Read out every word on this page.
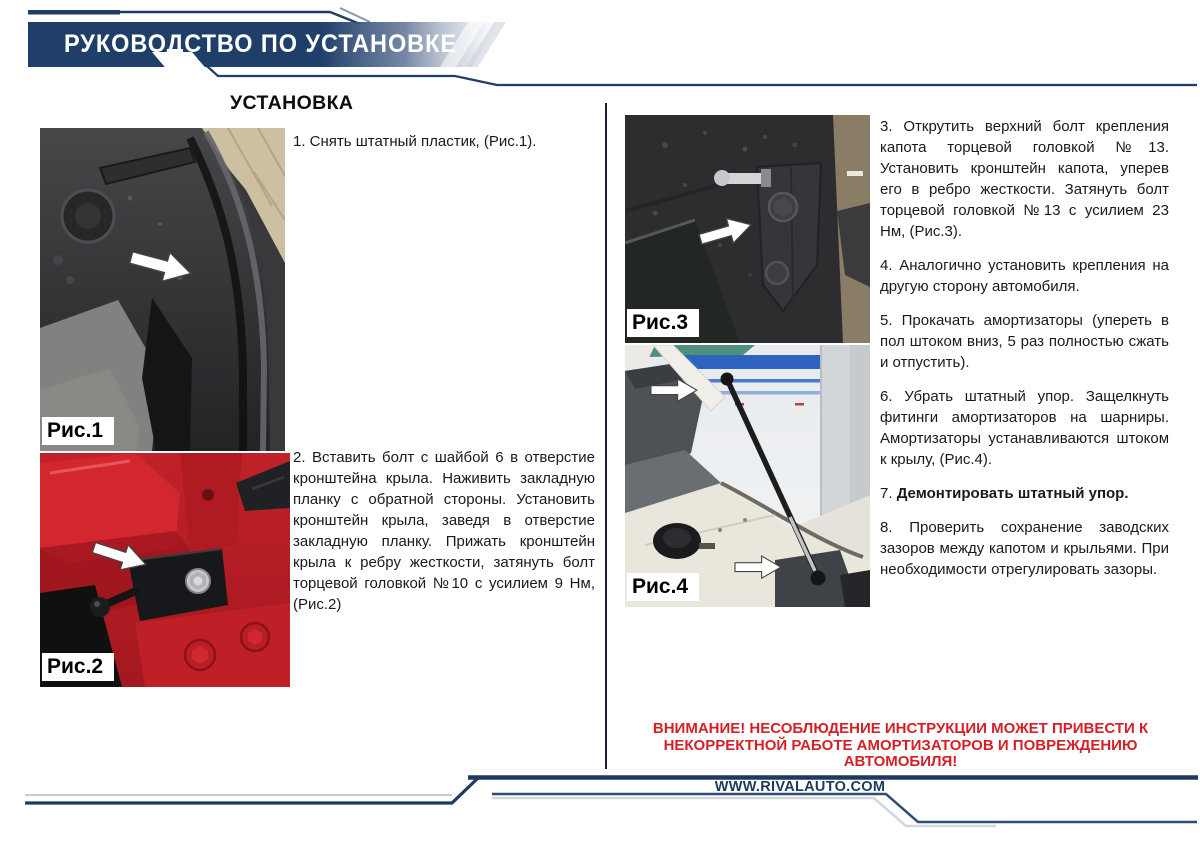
РУКОВОДСТВО ПО УСТАНОВКЕ
УСТАНОВКА
Рис.1
Рис.2
Рис.3
Рис.4

1. Снять штатный пластик, (Рис.1).

2. Вставить болт с шайбой 6 в отверстие кронштейна крыла. Наживить закладную планку с обратной стороны. Установить кронштейн крыла, заведя в отверстие закладную планку. Прижать кронштейн крыла к ребру жесткости, затянуть болт торцевой головкой №10 с усилием 9 Нм, (Рис.2)

3. Открутить верхний болт крепления капота торцевой головкой №13. Установить кронштейн капота, уперев его в ребро жесткости. Затянуть болт торцевой головкой №13 с усилием 23 Нм, (Рис.3).

4. Аналогично установить крепления на другую сторону автомобиля.

5. Прокачать амортизаторы (упереть в пол штоком вниз, 5 раз полностью сжать и отпустить).

6. Убрать штатный упор. Защелкнуть фитинги амортизаторов на шарниры. Амортизаторы устанавливаются штоком к крылу, (Рис.4).

7. Демонтировать штатный упор.

8. Проверить сохранение заводских зазоров между капотом и крыльями. При необходимости отрегулировать зазоры.

ВНИМАНИЕ! НЕСОБЛЮДЕНИЕ ИНСТРУКЦИИ МОЖЕТ ПРИВЕСТИ К
НЕКОРРЕКТНОЙ РАБОТЕ АМОРТИЗАТОРОВ И ПОВРЕЖДЕНИЮ
АВТОМОБИЛЯ!
WWW.RIVALAUTO.COM
